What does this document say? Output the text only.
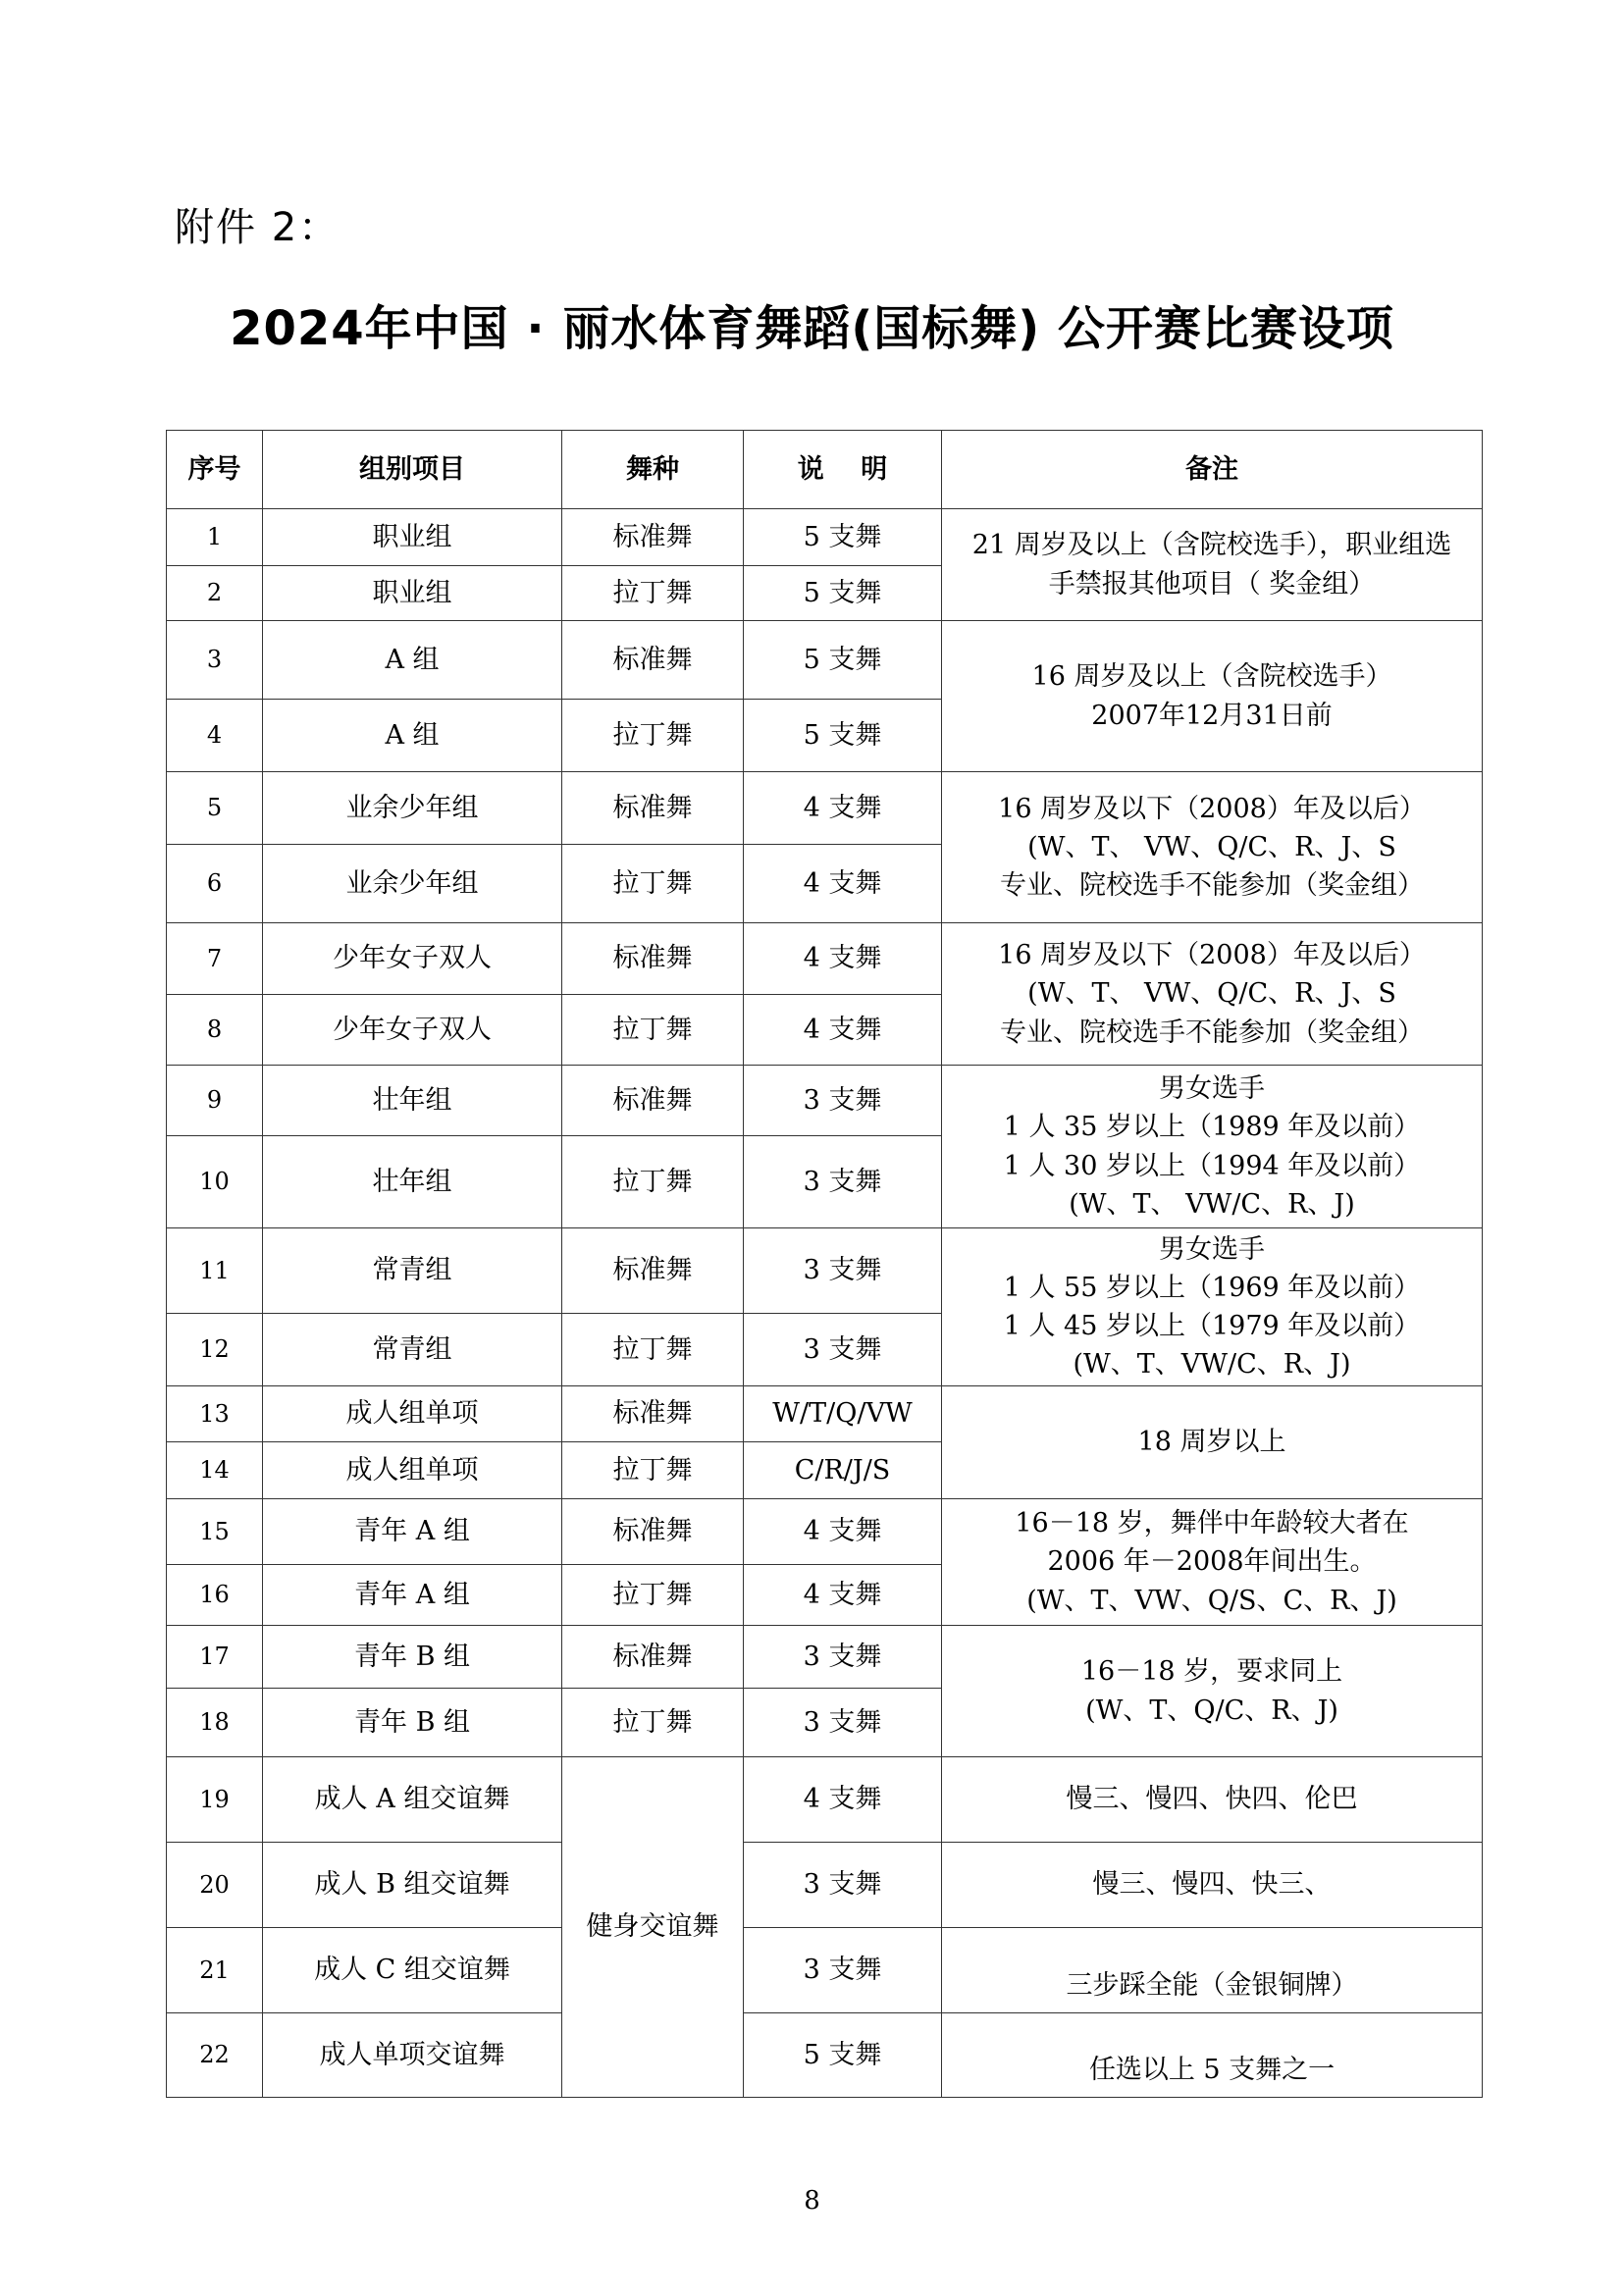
附件 2：
2024年中国 · 丽水体育舞蹈(国标舞) 公开赛比赛设项
序号	组别项目	舞种	说    明	备注
1	职业组	标准舞	5 支舞	21 周岁及以上（含院校选手），职业组选
手禁报其他项目（ 奖金组）

2	职业组	拉丁舞	5 支舞	
3	A 组	标准舞	5 支舞	16 周岁及以上（含院校选手）
2007年12月31日前

4	A 组	拉丁舞	5 支舞	
5	业余少年组	标准舞	4 支舞	16 周岁及以下（2008）年及以后）
(W、T、 VW、Q/C、R、J、S
专业、院校选手不能参加（奖金组）

6	业余少年组	拉丁舞	4 支舞	
7	少年女子双人	标准舞	4 支舞	16 周岁及以下（2008）年及以后）
(W、T、 VW、Q/C、R、J、S
专业、院校选手不能参加（奖金组）

8	少年女子双人	拉丁舞	4 支舞	
9	壮年组	标准舞	3 支舞	男女选手
1 人 35 岁以上（1989 年及以前）
1 人 30 岁以上（1994 年及以前）
(W、T、 VW/C、R、J)

10	壮年组	拉丁舞	3 支舞	
11	常青组	标准舞	3 支舞	男女选手
1 人 55 岁以上（1969 年及以前）
1 人 45 岁以上（1979 年及以前）
(W、T、VW/C、R、J)

12	常青组	拉丁舞	3 支舞	
13	成人组单项	标准舞	W/T/Q/VW	18 周岁以上

14	成人组单项	拉丁舞	C/R/J/S	
15	青年 A 组	标准舞	4 支舞	16－18 岁，舞伴中年龄较大者在
2006 年－2008年间出生。
(W、T、VW、Q/S、C、R、J)

16	青年 A 组	拉丁舞	4 支舞	
17	青年 B 组	标准舞	3 支舞	16－18 岁，要求同上
(W、T、Q/C、R、J)

18	青年 B 组	拉丁舞	3 支舞	
19	成人 A 组交谊舞	健身交谊舞	4 支舞	慢三、慢四、快四、伦巴
20	成人 B 组交谊舞		3 支舞	慢三、慢四、快三、
21	成人 C 组交谊舞		3 支舞	三步踩全能（金银铜牌）
22	成人单项交谊舞		5 支舞	任选以上 5 支舞之一
8
